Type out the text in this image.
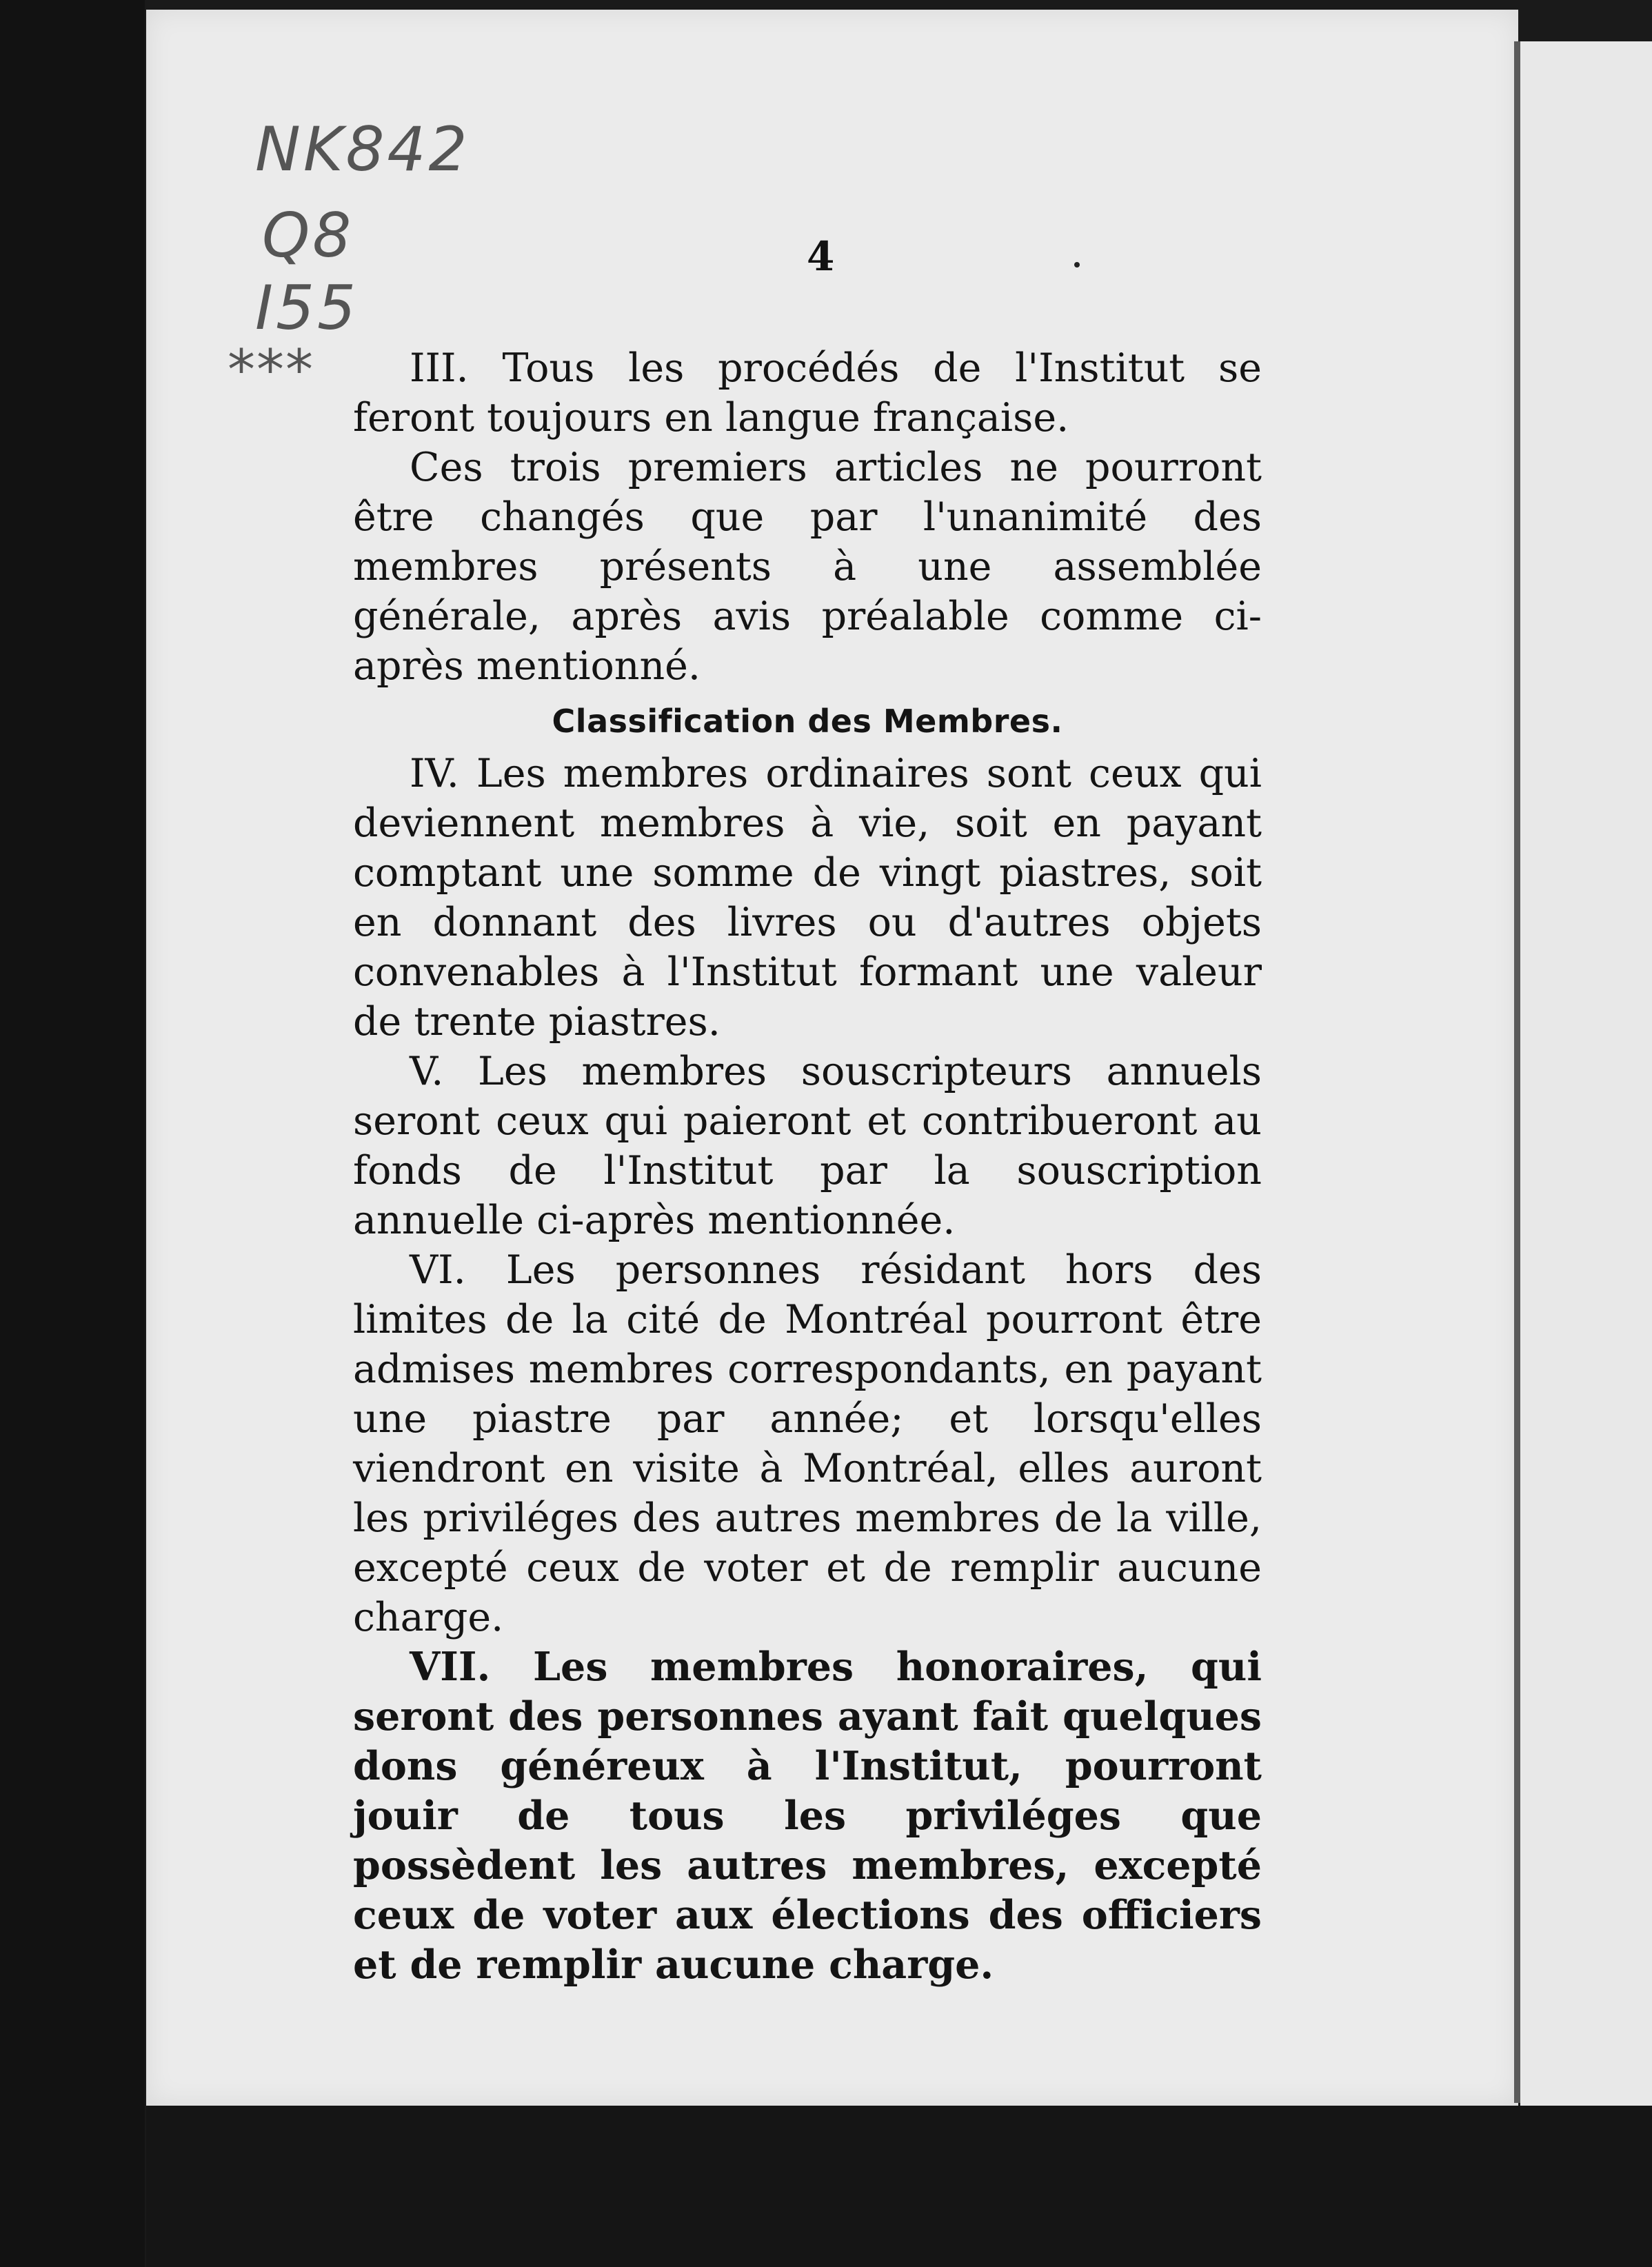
NK842
Q8
I55
***
4

III. Tous les procédés de l'Institut se feront toujours en langue française.

Ces trois premiers articles ne pourront être changés que par l'unanimité des membres présents à une assemblée générale, après avis préalable comme ci-après mentionné.

Classification des Membres.

IV. Les membres ordinaires sont ceux qui deviennent membres à vie, soit en payant comptant une somme de vingt piastres, soit en donnant des livres ou d'autres objets convenables à l'Institut formant une valeur de trente piastres.

V. Les membres souscripteurs annuels seront ceux qui paieront et contribueront au fonds de l'Institut par la souscription annuelle ci-après mentionnée.

VI. Les personnes résidant hors des limites de la cité de Montréal pourront être admises membres correspondants, en payant une piastre par année; et lorsqu'elles viendront en visite à Montréal, elles auront les priviléges des autres membres de la ville, excepté ceux de voter et de remplir aucune charge.

VII. Les membres honoraires, qui seront des personnes ayant fait quelques dons généreux à l'Institut, pourront jouir de tous les priviléges que possèdent les autres membres, excepté ceux de voter aux élections des officiers et de remplir aucune charge.
